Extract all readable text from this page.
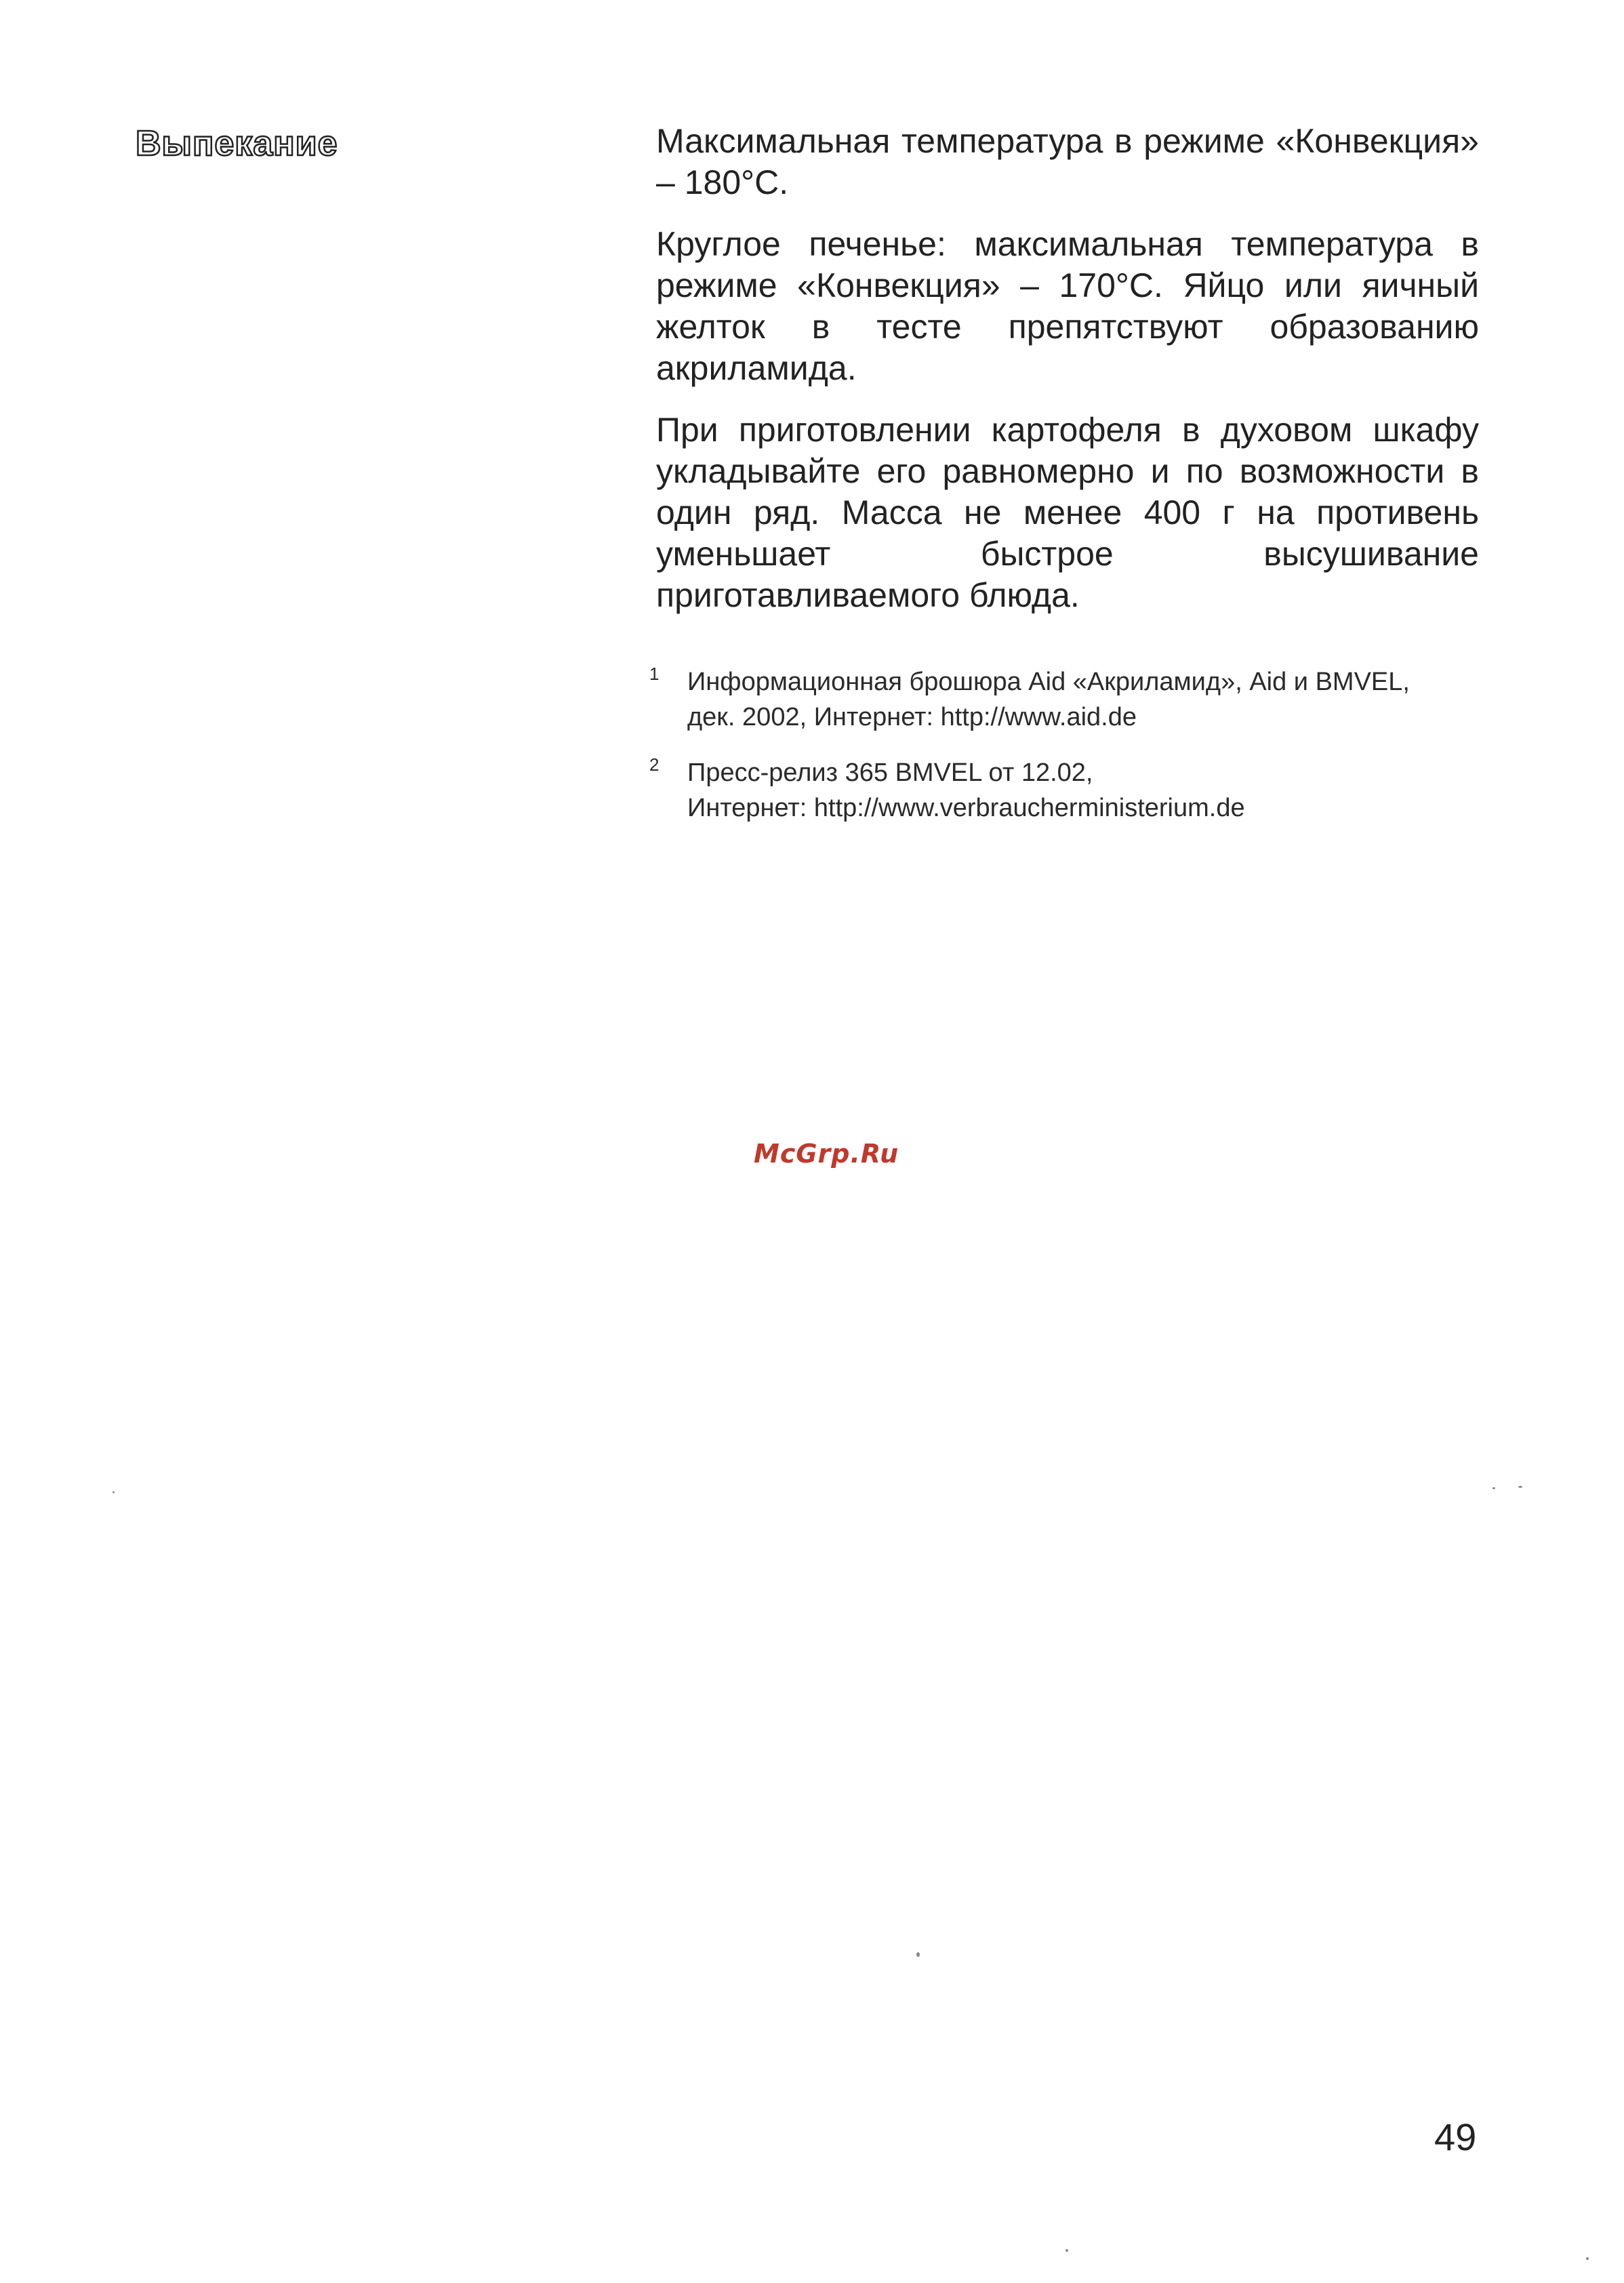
Выпекание	Максимальная температура в режиме «Конвекция» – 180°C.

Круглое печенье: максимальная температура в режиме «Конвекция» – 170°C. Яйцо или яичный желток в тесте препятствуют образованию акриламида.

При приготовлении картофеля в духовом шкафу укладывайте его равномерно и по возможности в один ряд. Масса не менее 400 г на противень уменьшает быстрое высушивание приготавливаемого блюда.

1 Информационная брошюра Aid «Акриламид», Aid и BMVEL,
дек. 2002, Интернет: http://www.aid.de
2 Пресс-релиз 365 BMVEL от 12.02,
Интернет: http://www.verbraucherministerium.de
McGrp.Ru
49
